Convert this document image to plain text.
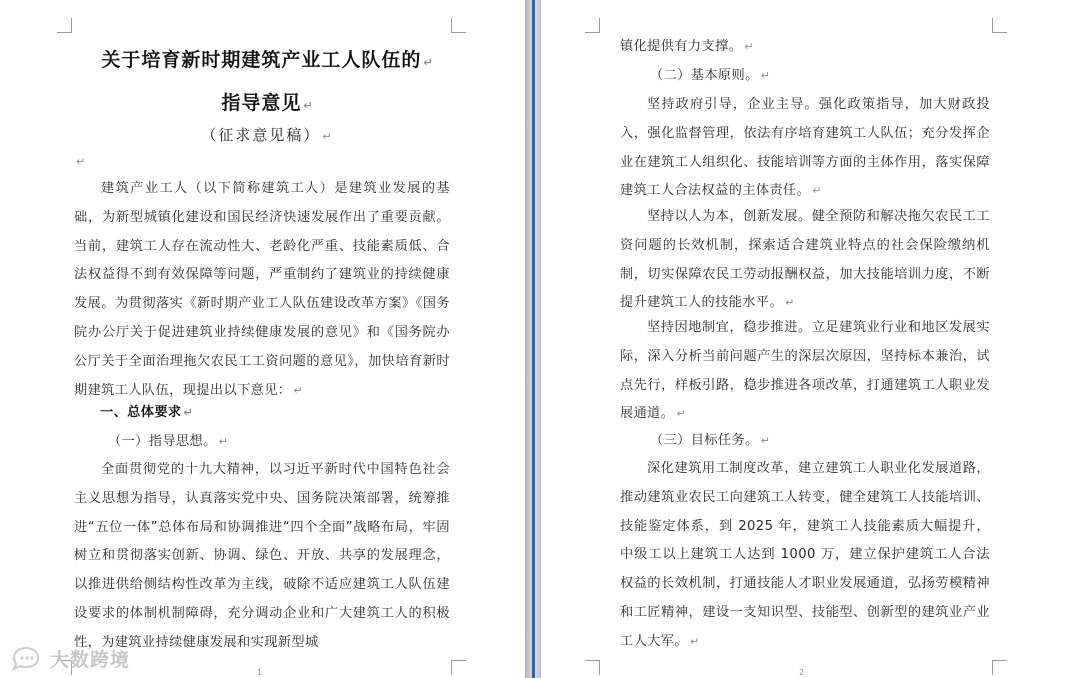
关于培育新时期建筑产业工人队伍的 ↵
指导意见 ↵
（征求意见稿） ↵
↵

建筑产业工人（以下简称建筑工人）是建筑业发展的基础，为新型城镇化建设和国民经济快速发展作出了重要贡献。当前，建筑工人存在流动性大、老龄化严重、技能素质低、合法权益得不到有效保障等问题，严重制约了建筑业的持续健康发展。为贯彻落实《新时期产业工人队伍建设改革方案》《国务院办公厅关于促进建筑业持续健康发展的意见》和《国务院办公厅关于全面治理拖欠农民工工资问题的意见》，加快培育新时期建筑工人队伍，现提出以下意见： ↵

一、总体要求 ↵
（一）指导思想。 ↵

全面贯彻党的十九大精神，以习近平新时代中国特色社会主义思想为指导，认真落实党中央、国务院决策部署，统筹推进“五位一体”总体布局和协调推进“四个全面”战略布局，牢固树立和贯彻落实创新、协调、绿色、开放、共享的发展理念，以推进供给侧结构性改革为主线，破除不适应建筑工人队伍建设要求的体制机制障碍，充分调动企业和广大建筑工人的积极性，为建筑业持续健康发展和实现新型城

1
镇化提供有力支撑。 ↵
（二）基本原则。 ↵

坚持政府引导，企业主导。强化政策指导，加大财政投入，强化监督管理，依法有序培育建筑工人队伍；充分发挥企业在建筑工人组织化、技能培训等方面的主体作用，落实保障建筑工人合法权益的主体责任。 ↵

坚持以人为本，创新发展。健全预防和解决拖欠农民工工资问题的长效机制，探索适合建筑业特点的社会保险缴纳机制，切实保障农民工劳动报酬权益，加大技能培训力度，不断提升建筑工人的技能水平。 ↵

坚持因地制宜，稳步推进。立足建筑业行业和地区发展实际，深入分析当前问题产生的深层次原因，坚持标本兼治，试点先行，样板引路，稳步推进各项改革，打通建筑工人职业发展通道。 ↵

（三）目标任务。 ↵

深化建筑用工制度改革，建立建筑工人职业化发展道路，推动建筑业农民工向建筑工人转变，健全建筑工人技能培训、技能鉴定体系，到 2025 年，建筑工人技能素质大幅提升，中级工以上建筑工人达到 1000 万，建立保护建筑工人合法权益的长效机制，打通技能人才职业发展通道，弘扬劳模精神和工匠精神，建设一支知识型、技能型、创新型的建筑业产业工人大军。 ↵

2
大数跨境
